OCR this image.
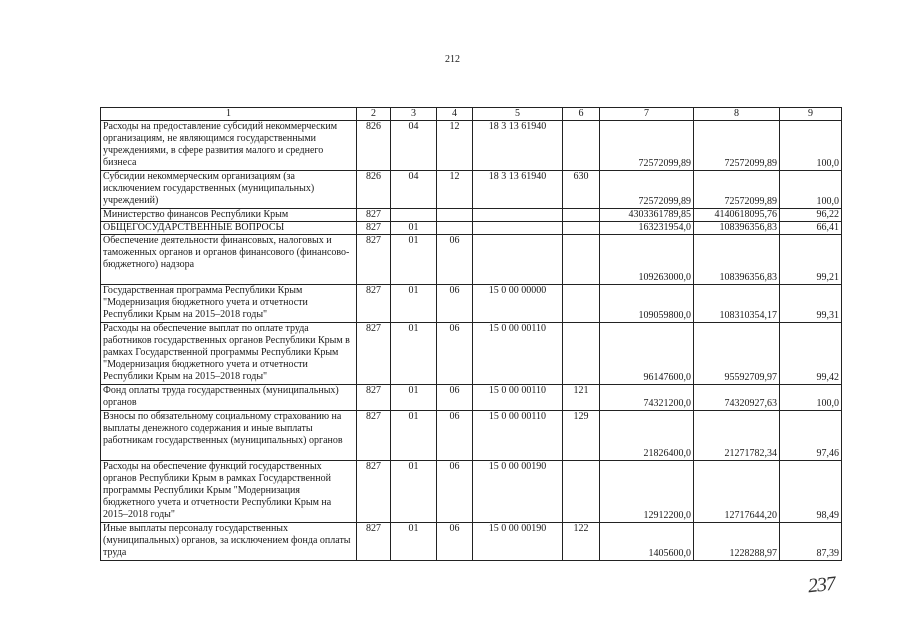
212
1	2	3	4	5	6	7	8	9
Расходы на предоставление субсидий некоммерческим организациям, не являющимся государственными учреждениями, в сфере развития малого и среднего бизнеса	826	04	12	18 3 13 61940		72572099,89	72572099,89	100,0
Субсидии некоммерческим организациям (за исключением государственных (муниципальных) учреждений)	826	04	12	18 3 13 61940	630	72572099,89	72572099,89	100,0
Министерство финансов Республики Крым	827					4303361789,85	4140618095,76	96,22
ОБЩЕГОСУДАРСТВЕННЫЕ ВОПРОСЫ	827	01				163231954,0	108396356,83	66,41
Обеспечение деятельности финансовых, налоговых и таможенных органов и органов финансового (финансово-бюджетного) надзора	827	01	06			109263000,0	108396356,83	99,21
Государственная программа Республики Крым "Модернизация бюджетного учета и отчетности Республики Крым на 2015–2018 годы"	827	01	06	15 0 00 00000		109059800,0	108310354,17	99,31
Расходы на обеспечение выплат по оплате труда работников государственных органов Республики Крым в рамках Государственной программы Республики Крым "Модернизация бюджетного учета и отчетности Республики Крым на 2015–2018 годы"	827	01	06	15 0 00 00110		96147600,0	95592709,97	99,42
Фонд оплаты труда государственных (муниципальных) органов	827	01	06	15 0 00 00110	121	74321200,0	74320927,63	100,0
Взносы по обязательному социальному страхованию на выплаты денежного содержания и иные выплаты работникам государственных (муниципальных) органов	827	01	06	15 0 00 00110	129	21826400,0	21271782,34	97,46
Расходы на обеспечение функций государственных органов Республики Крым в рамках Государственной программы Республики Крым "Модернизация бюджетного учета и отчетности Республики Крым на 2015–2018 годы"	827	01	06	15 0 00 00190		12912200,0	12717644,20	98,49
Иные выплаты персоналу государственных (муниципальных) органов, за исключением фонда оплаты труда	827	01	06	15 0 00 00190	122	1405600,0	1228288,97	87,39
237
